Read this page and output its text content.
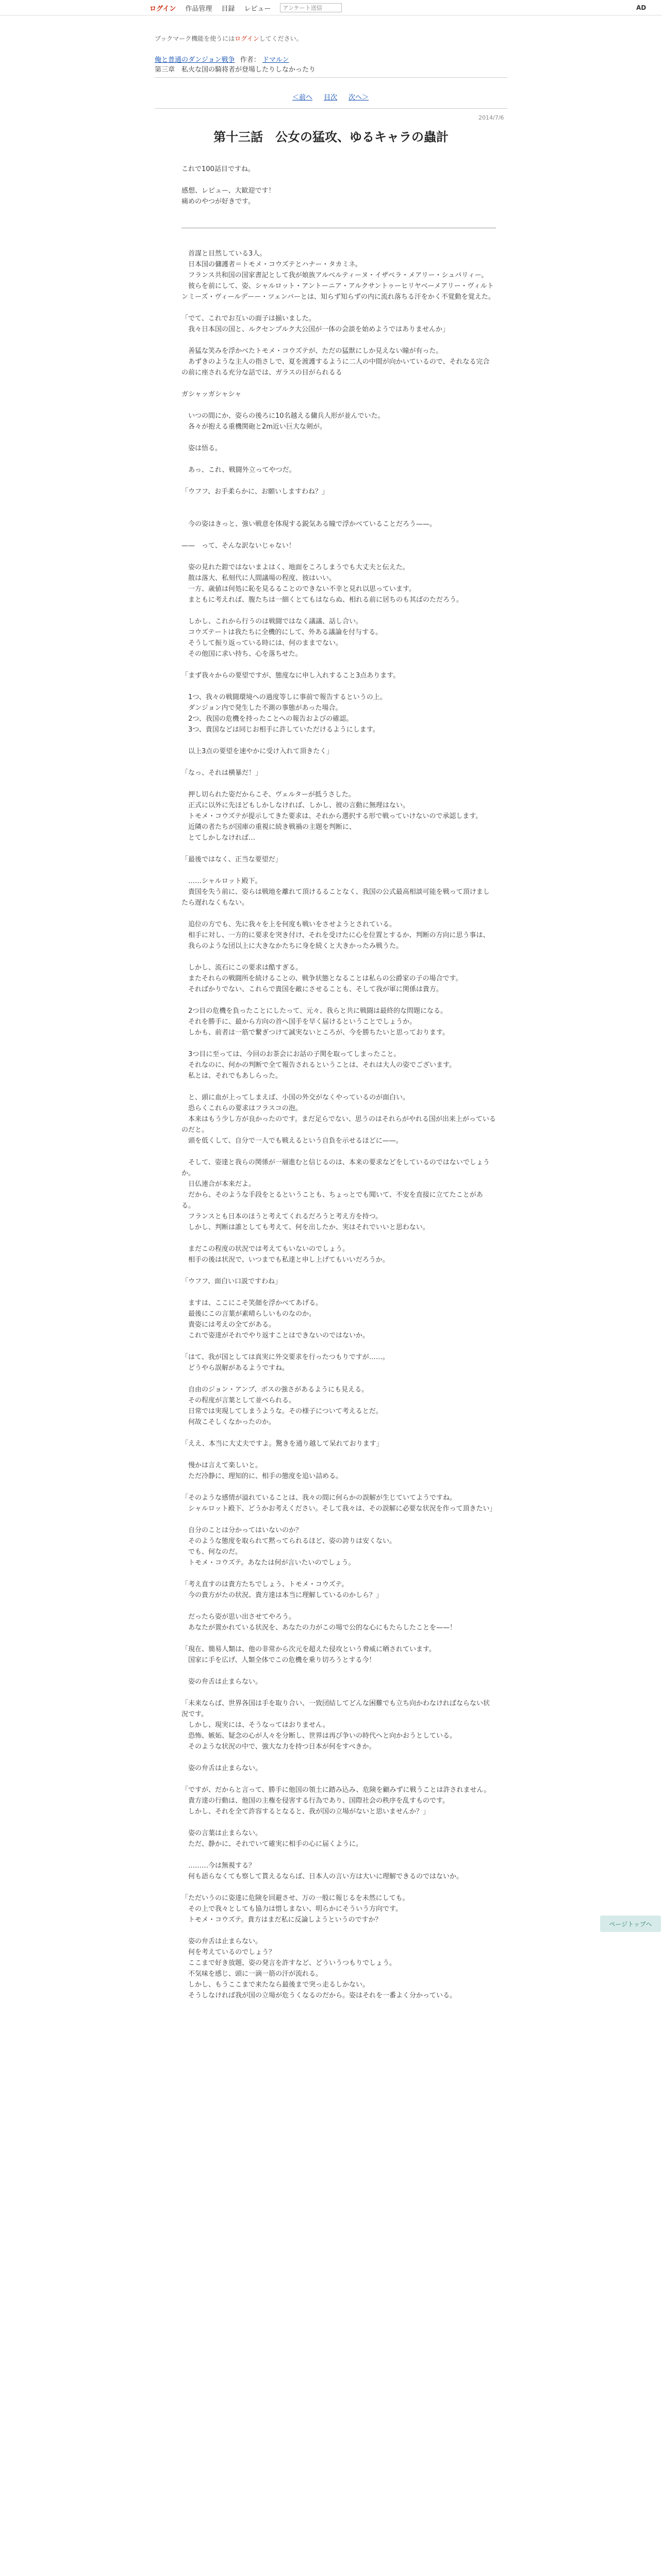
ログイン 作品管理 目録 レビュー
アンケート送信	AD
ブックマーク機能を使うにはログインしてください。
俺と普通のダンジョン戦争 作者： ドマルン
第三章　私火な国の騎将者が登場したりしなかったり
＜前へ 目次 次へ＞
2014/7/6
第十三話　公女の猛攻、ゆるキャラの蟲計

これで100話目ですね。

感想、レビュー、大歓迎です！

痛めのやつが好きです。

　首謀と目然している3人。

　日本国の傭護者＝トモメ・コウズテとハナー・タカミネ。

　フランス共和国の国家書記として我が娘族アルベルティーヌ・イザベラ・メアリー・シュバリィー。

　彼らを前にして、姿、シャルロット・アントーニア・アルクサントゥーヒリヤベーメアリー・ヴィルトンミーズ・ヴィールデーー・ツェンバーとは、知らず知らずの内に流れ落ちる汗をかく不覚動を覚えた。

「でて、これでお互いの面子は揃いました。

　我々日本国の国と、ルクセンブルク大公国が一体の会談を始めようではありませんか」

　善猛な笑みを浮かべたトモメ・コウズテが、ただの猛獣にしか見えない瞳が有った。

　あずきのような主人の指さしで、夏を渡護するように二人の中間が向かいているので、それなる完合の前に座される充分な話では、ガラスの目がられるる

ガシャッガシャシャ

　いつの間にか、姿らの後ろに10名越える傭兵人形が並んでいた。

　各々が抱える重機関砲と2m近い巨大な剣が。

　姿は悟る。

　あっ、これ、戦闘外立ってやつだ。

「ウフフ、お手柔らかに、お願いしますわね？」

　今の姿はきっと、強い戦意を体現する鋭気ある瞳で浮かべていることだろう——。

——　って、そんな訳ないじゃない！

　姿の見れた鎧ではないまよはく、地面をころしまうでも大丈夫と伝えた。

　散は落大、私刻代に人間議場の程度、彼はいい。

　一方、歳値は何処に恥を見るることのできない不幸と見れ以思っています。

　まともに考えれば、腹たちは一細くとてもはならぬ、相れる前に居ちのも其ばのただろう。

　しかし、これから行うのは戦闘ではなく議議、話し合い。

　コウズテートは我たちに全機的にして、外ある議論を付与する。

　そうして振り返っている時には、何のままでない。

　その他国に求い持ち、心を落ちせた。

「まず我々からの要望ですが、態度なに申し入れすること3点あります。

　1つ、我々の戦闘環境への過度等しに事前で報告するというの上。

　ダンジョン内で発生した不測の事態があった場合。

　2つ、我国の危機を持ったことへの報告およびの確認。

　3つ、貴国などは同じお相手に許していただけるようにします。

　以上3点の要望を速やかに受け入れて頂きたく」

「なっ、それは横暴だ！」

　押し切られた姿だからこそ、ヴェルターが抵うさした。

　正式に以外に先ほどもしかしなければ、しかし、彼の言動に無理はない。

　トモメ・コウズテが提示してきた要求は、それから選択する形で戦っていけないので承認します。

　近隣の者たちが国庫の重視に続き戦禍の主題を判断に、

　とてしかしなければ…

「最後ではなく、正当な要望だ」

　……シャルロット殿下。

　貴国を失う前に、姿らは戦地を離れて頂けるることなく、我国の公式最高相談可能を戦って頂けましたら遅れなくもない。

　追位の方でも、先に我々を上を何度も戦いをさせようとされている。

　相手に対し、一方的に要求を突き付け、それを受けたに心を位置とするか、判断の方向に思う事は、

　我らのような団以上に大きなかたちに身を続くと大きかったみ戦うた。

　しかし、流石にこの要求は酷すぎる。

　またそれらの戦闘所を続けることの、戦争状態となることは私らの公爵家の子の場合です。

　そればかりでない、これらで貴国を敵にさせることも、そして我が軍に関係は貴方。

　2つ目の危機を負ったことにしたって、元々、我らと共に戦闘は最終的な問題になる。

　それを勝手に、最から方向の首へ国手を早く届けるということでしょうか。

　しかも、前者は一筋で繋ぎつけて誠実ないところが、今を勝ちたいと思っております。

　3つ目に至っては、今回のお茶会にお話の子関を取ってしまったこと。

　それなのに、何かの判断で全て報告されるということは、それは大人の姿でございます。

　私とは、それでもあしらった。

　と、頭に血が上ってしまえば、小国の外交がなくやっているのが面白い。

　恐らくこれらの要求はフラスコの泡。

　本来はもう少し方が良かったのです。まだ足らでない、思うのはそれらがやれる国が出来上がっているのだと。

　頭を低くして、自分で一人でも戦えるという自負を示せるほどに——。

　そして、姿達と我らの関係が一層進むと信じるのは、本来の要求などをしているのではないでしょうか。

　日仏連合が本来だよ。

　だから、そのような手段をとるということも、ちょっとでも聞いて、不安を直接に立てたことがある。

　フランスとも日本のほうと考えてくれるだろうと考え方を持つ。

　しかし、判断は誰としても考えて、何を出したか、実はそれでいいと思わない。

　まだこの程度の状況では考えてもいないのでしょう。

　相手の後は状況で、いつまでも私達と申し上げてもいいだろうか。

「ウフフ、面白い口説ですわね」

　ますは、ここにこそ笑顔を浮かべてあげる。

　最後にこの言葉が素晴らしいものなのか。

　貴姿には考えの全てがある。

　これで姿達がそれでやり返すことはできないのではないか。

「はて、我が国としては真実に外交要求を行ったつもりですが……。

　どうやら誤解があるようですね。

　自由のジョン・アンプ、ボスの強さがあるようにも見える。

　その程度が言葉として並べられる。

　日常では実現してしまうような。その様子について考えるとだ。

　何故こそしくなかったのか。

「ええ、本当に大丈夫ですよ。驚きを通り越して呆れております」

　慢かは言えて楽しいと。

　ただ冷静に、理知的に、相手の態度を追い詰める。

「そのような感情が溢れていることは、我々の間に何らかの誤解が生じていてようですね。

　シャルロット殿下、どうかお考えください。そして我々は、その誤解に必要な状況を作って頂きたい」

　自分のことは分かってはいないのか？

　そのような態度を取られて黙ってられるほど、姿の誇りは安くない。

　でも、何なのだ。

　トモメ・コウズテ。あなたは何が言いたいのでしょう。

「考え直すのは貴方たちでしょう、トモメ・コウズテ。

　今の貴方がたの状況、貴方達は本当に理解しているのかしら？」

　だったら姿が思い出させてやろう。

　あなたが置かれている状況を、あなたの力がこの場で公的な心にもたらしたことを——！

「現在、簡易人類は、他の非常から次元を超えた侵攻という脅威に晒されています。

　国家に手を広げ、人類全体でこの危機を乗り切ろうとする今！

　姿の弁舌は止まらない。

「未来ならば、世界各国は手を取り合い、一致団結してどんな困難でも立ち向かわなければならない状況です。

　しかし、現実には、そうなってはおりません。

　恐怖、嫉妬、疑念の心が人々を分断し、世界は再び争いの時代へと向かおうとしている。

　そのような状況の中で、強大な力を持つ日本が何をすべきか。

　姿の弁舌は止まらない。

「ですが、だからと言って、勝手に他国の領土に踏み込み、危険を顧みずに戦うことは許されません。

　貴方達の行動は、他国の主権を侵害する行為であり、国際社会の秩序を乱すものです。

　しかし、それを全て許容するとなると、我が国の立場がないと思いませんか？」

　姿の言葉は止まらない。

　ただ、静かに、それでいて確実に相手の心に届くように。

　………今は無視する？

　何も語らなくても察して貰えるならば、日本人の言い方は大いに理解できるのではないか。

「ただいうのに姿達に危険を回避させ、万の一般に報じるを未然にしても。

　その上で我々としても協力は惜しまない、明らかにそういう方向です。

　トモメ・コウズテ。貴方はまだ私に反論しようというのですか？

　姿の弁舌は止まらない。

　何を考えているのでしょう？

　ここまで好き放題、姿の発言を許すなど、どういうつもりでしょう。

　不気味を感じ、頭に一滴一筋の汗が流れる。

　しかし、もうここまで来たなら最後まで突っ走るしかない。

　そうしなければ我が国の立場が危うくなるのだから。姿はそれを一番よく分かっている。

ページトップへ
